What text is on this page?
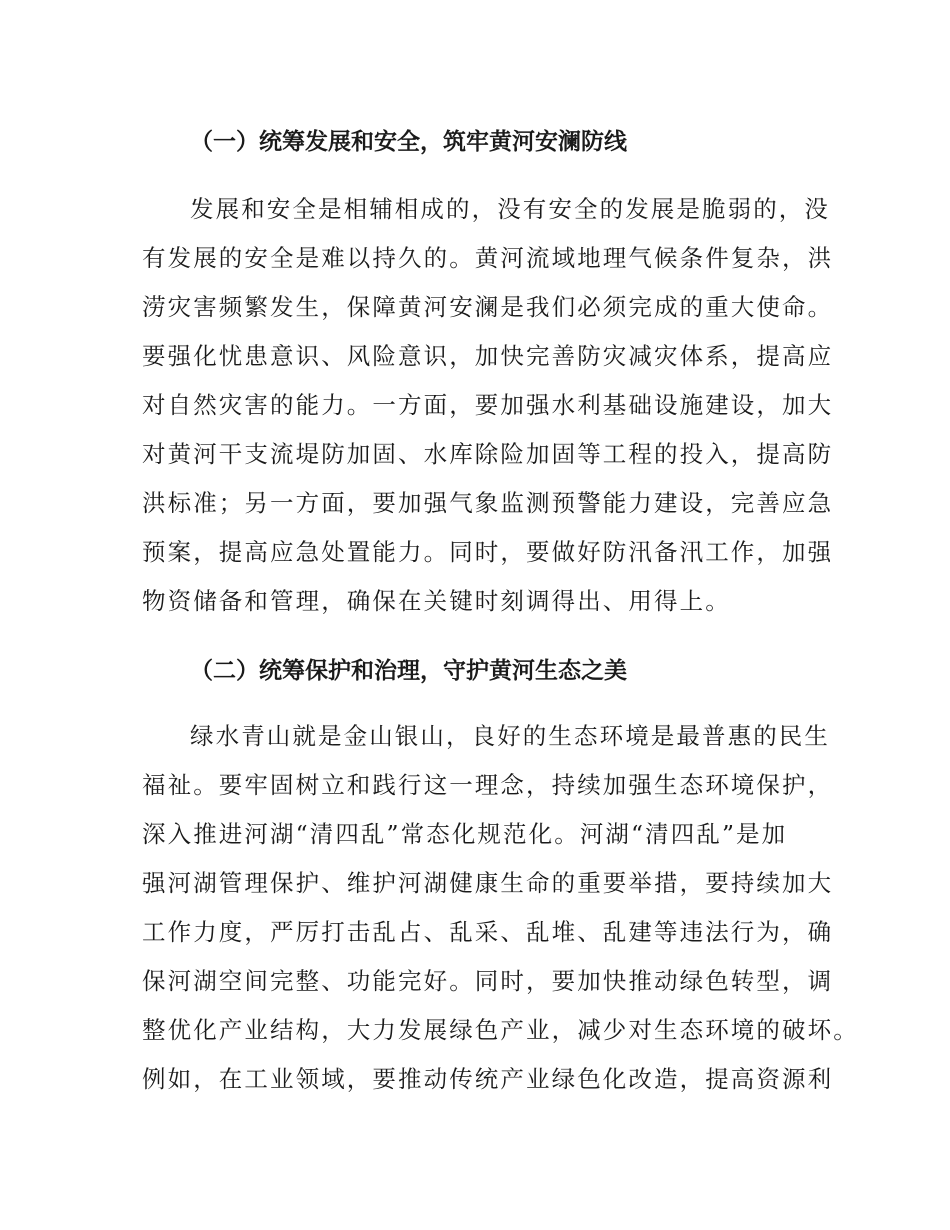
（一）统筹发展和安全，筑牢黄河安澜防线
发展和安全是相辅相成的，没有安全的发展是脆弱的，没
有发展的安全是难以持久的。黄河流域地理气候条件复杂，洪
涝灾害频繁发生，保障黄河安澜是我们必须完成的重大使命。
要强化忧患意识、风险意识，加快完善防灾减灾体系，提高应
对自然灾害的能力。一方面，要加强水利基础设施建设，加大
对黄河干支流堤防加固、水库除险加固等工程的投入，提高防
洪标准；另一方面，要加强气象监测预警能力建设，完善应急
预案，提高应急处置能力。同时，要做好防汛备汛工作，加强
物资储备和管理，确保在关键时刻调得出、用得上。
（二）统筹保护和治理，守护黄河生态之美
绿水青山就是金山银山，良好的生态环境是最普惠的民生
福祉。要牢固树立和践行这一理念，持续加强生态环境保护，
深入推进河湖“清四乱”常态化规范化。河湖“清四乱”是加
强河湖管理保护、维护河湖健康生命的重要举措，要持续加大
工作力度，严厉打击乱占、乱采、乱堆、乱建等违法行为，确
保河湖空间完整、功能完好。同时，要加快推动绿色转型，调
整优化产业结构，大力发展绿色产业，减少对生态环境的破坏。
例如，在工业领域，要推动传统产业绿色化改造，提高资源利
